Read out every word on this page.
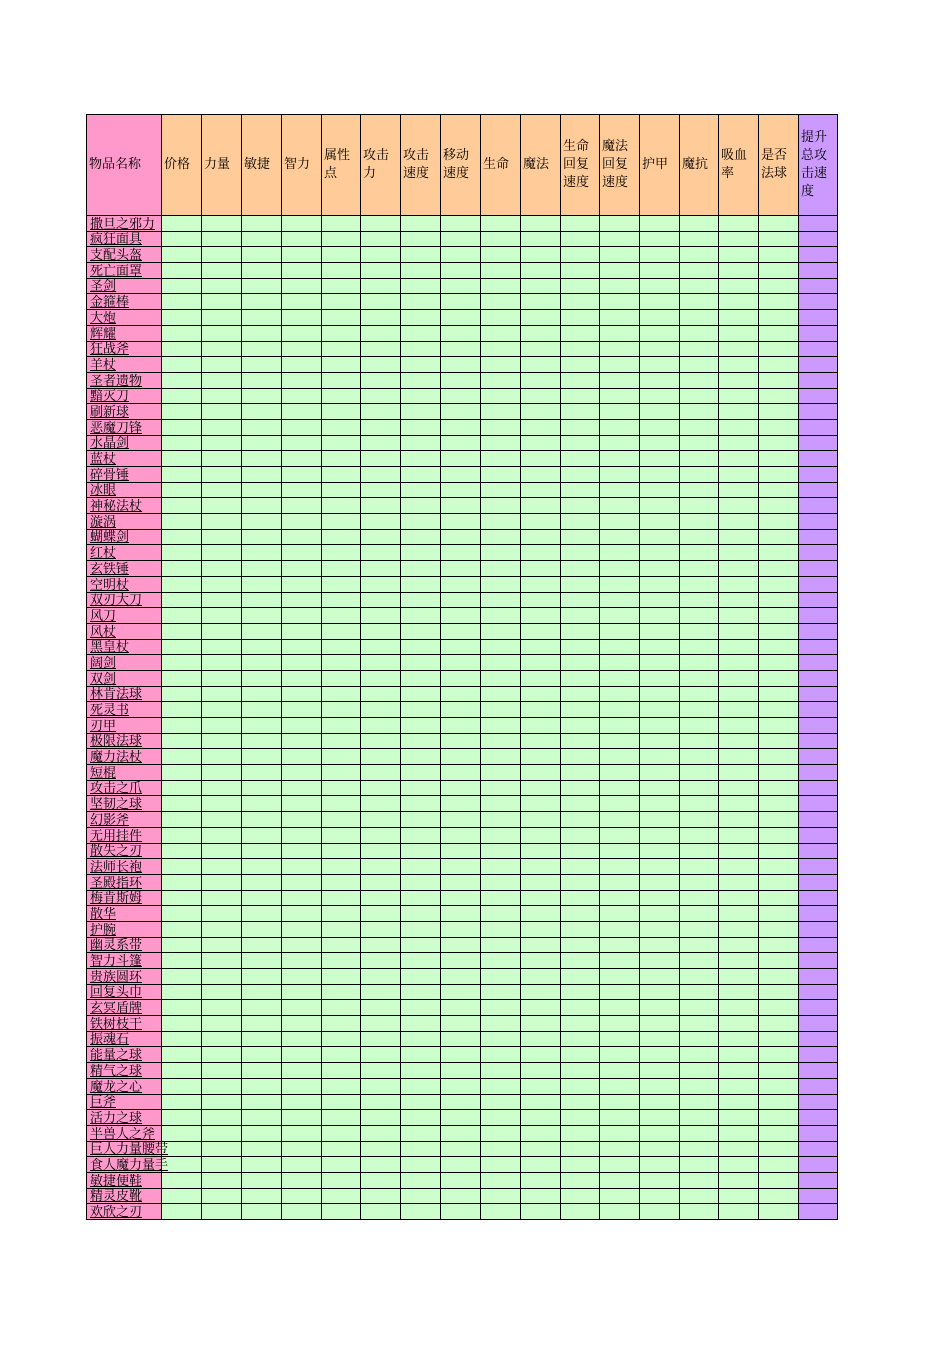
物品名称	价格	力量	敏捷	智力	属性点	攻击力	攻击速度	移动速度	生命	魔法	生命回复速度	魔法回复速度	护甲	魔抗	吸血率	是否法球	提升总攻击速度
撒旦之邪力																	
疯狂面具																	
支配头盔																	
死亡面罩																	
圣剑																	
金箍棒																	
大炮																	
辉耀																	
狂战斧																	
羊杖																	
圣者遗物																	
黯灭刀																	
刷新球																	
恶魔刀锋																	
水晶剑																	
蓝杖																	
碎骨锤																	
冰眼																	
神秘法杖																	
漩涡																	
蝴蝶剑																	
红杖																	
玄铁锤																	
空明杖																	
双刃大刀																	
风刀																	
风杖																	
黑皇杖																	
阔剑																	
双剑																	
林肯法球																	
死灵书																	
刃甲																	
极限法球																	
魔力法杖																	
短棍																	
攻击之爪																	
坚韧之球																	
幻影斧																	
无用挂件																	
散失之刃																	
法师长袍																	
圣殿指环																	
梅肯斯姆																	
散华																	
护腕																	
幽灵系带																	
智力斗篷																	
贵族圆环																	
回复头巾																	
玄冥盾牌																	
铁树枝干																	
振魂石																	
能量之球																	
精气之球																	
魔龙之心																	
巨斧																	
活力之球																	
半兽人之斧																	
巨人力量腰带																	
食人魔力量手																	
敏捷便鞋																	
精灵皮靴																	
欢欣之刃																	
